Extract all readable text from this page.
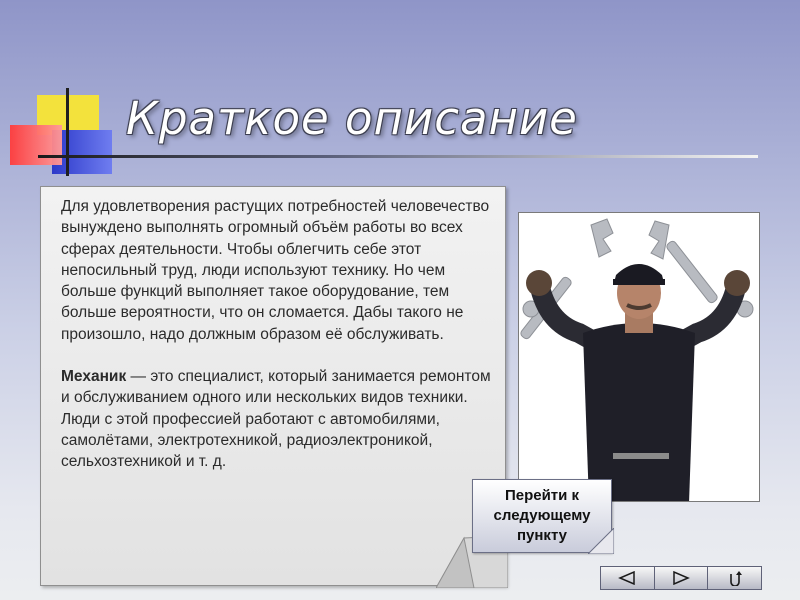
Краткое описание

Для удовлетворения растущих потребностей человечество вынуждено выполнять огромный объём работы во всех сферах деятельности. Чтобы облегчить себе этот непосильный труд, люди используют технику. Но чем больше функций выполняет такое оборудование, тем больше вероятности, что он сломается. Дабы такого не произошло, надо должным образом её обслуживать.

Механик — это специалист, который занимается ремонтом и обслуживанием одного или нескольких видов техники. Люди с этой профессией работают с автомобилями, самолётами, электротехникой, радиоэлектроникой, сельхозтехникой и т. д.

Перейти к следующему пункту
